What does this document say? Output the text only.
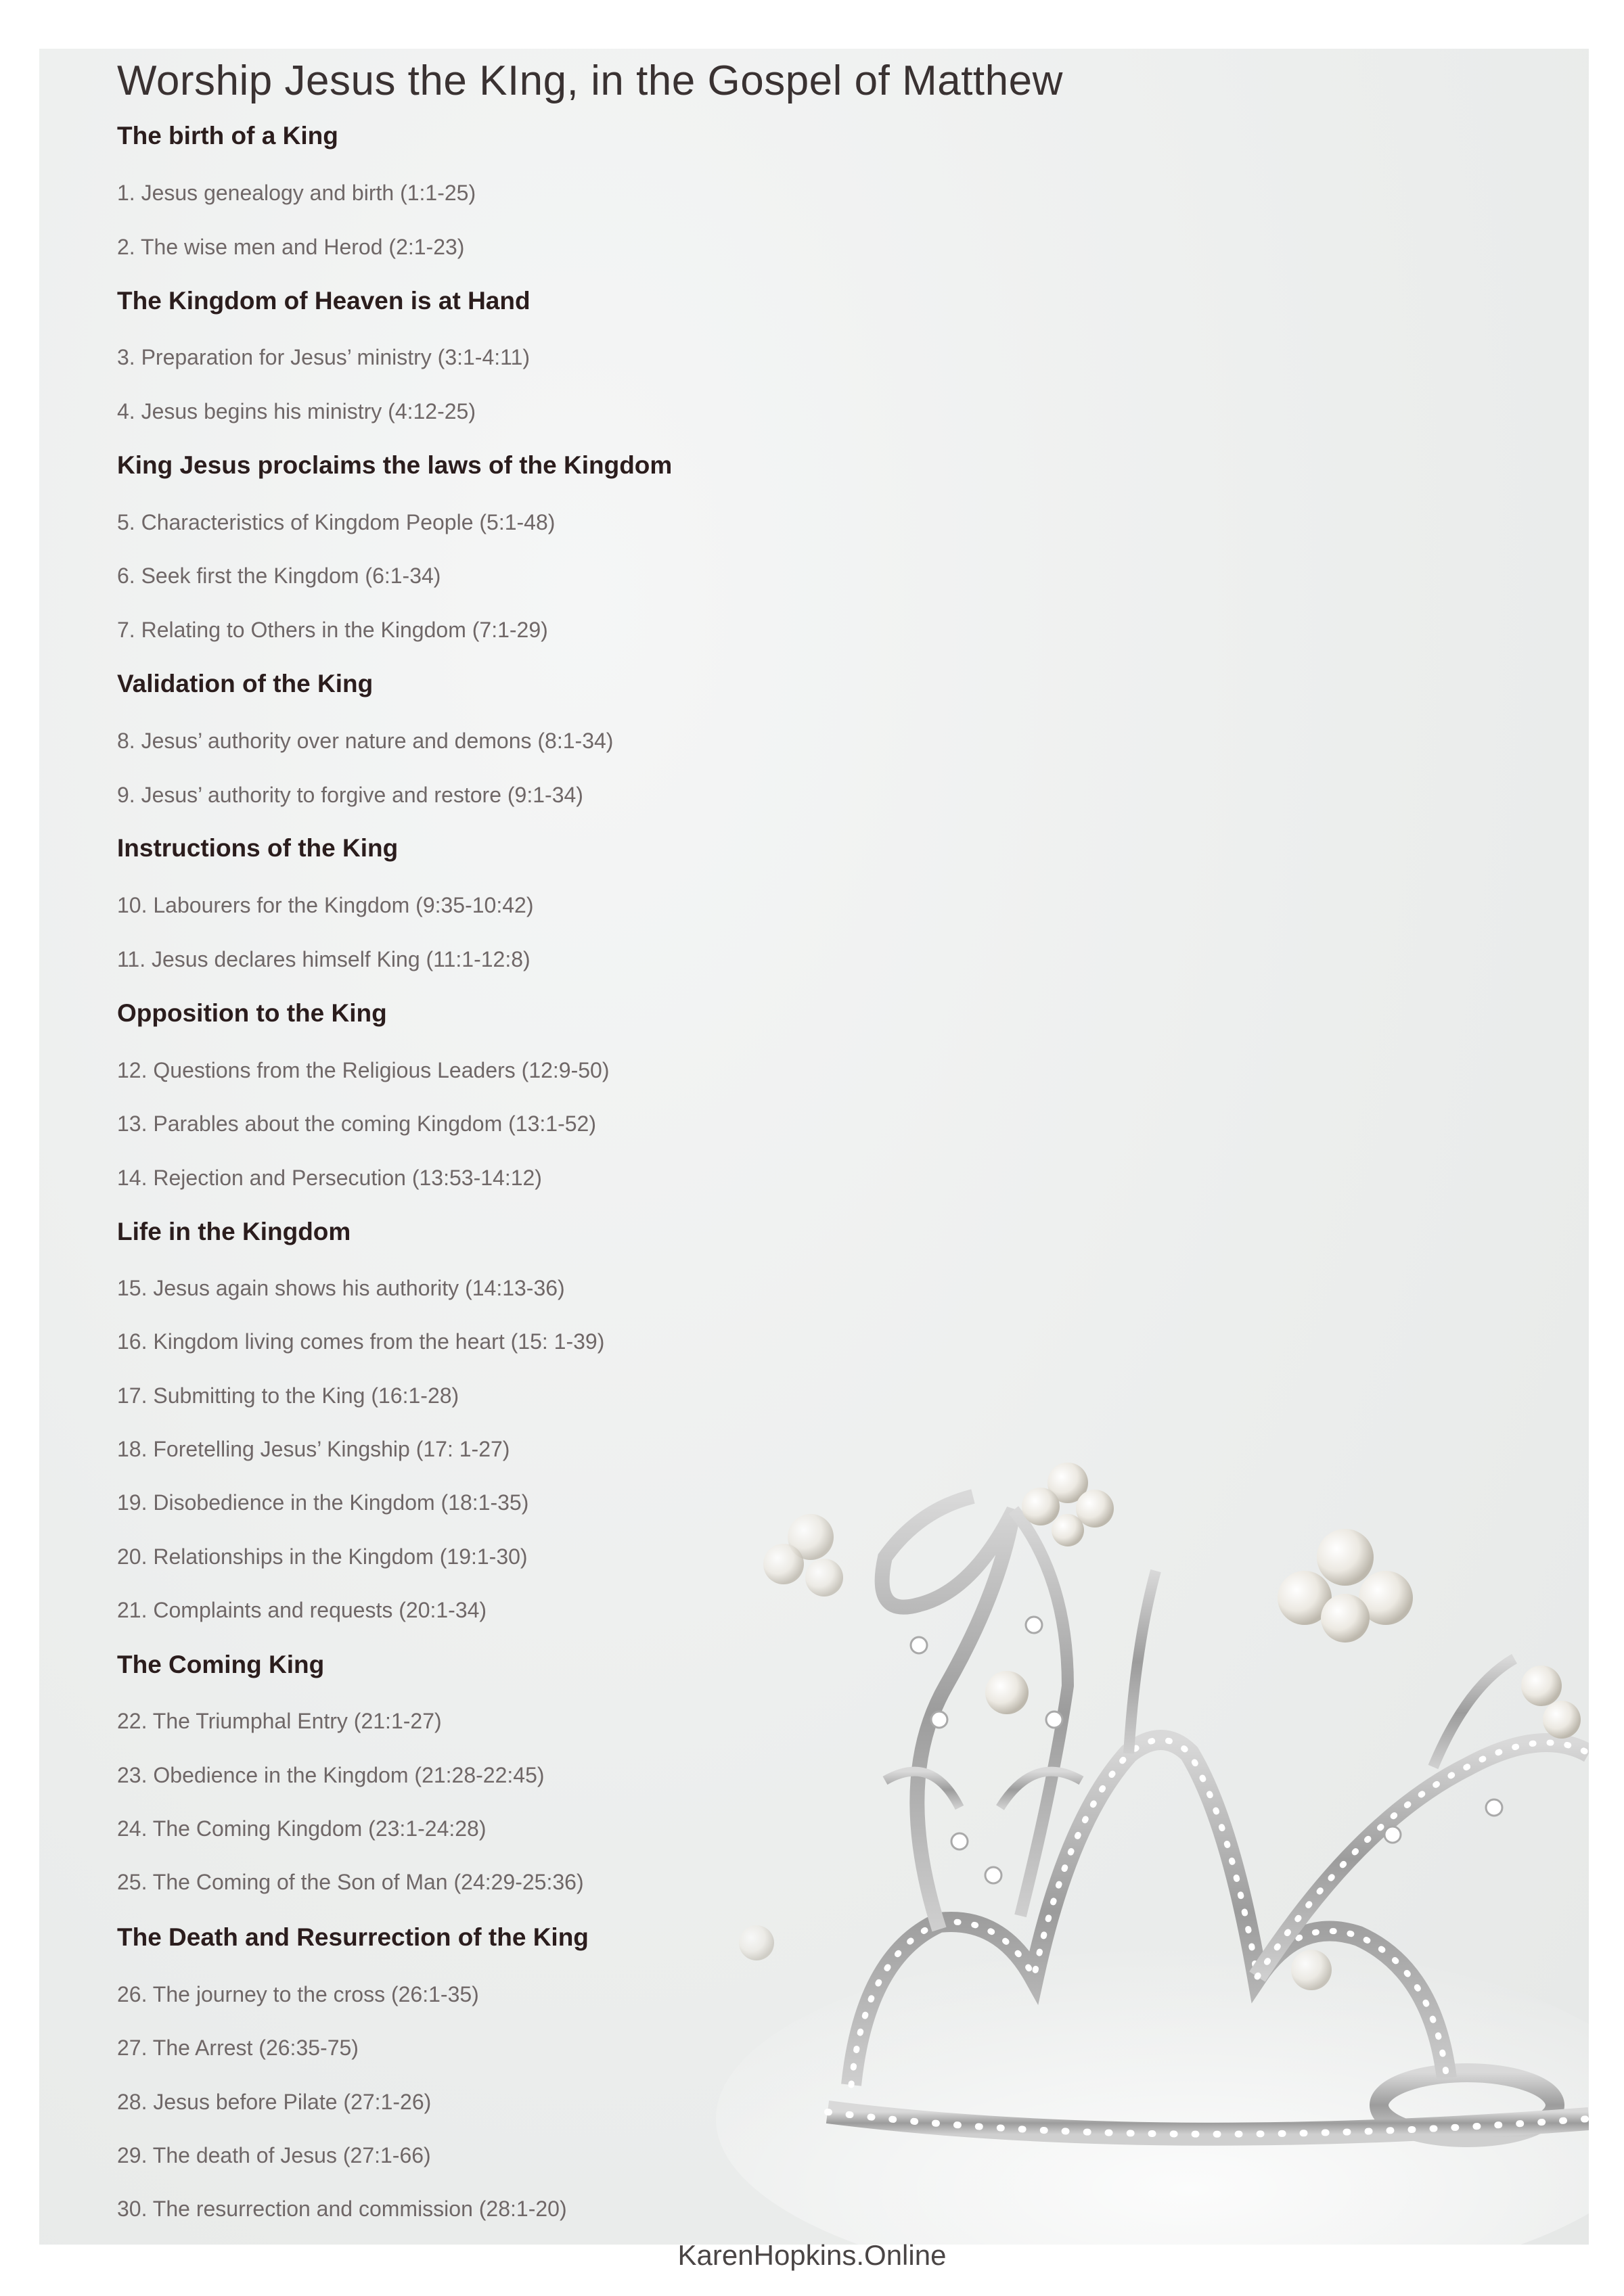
Worship Jesus the KIng, in the Gospel of Matthew
The birth of a King

1. Jesus genealogy and birth (1:1-25)

2. The wise men and Herod (2:1-23)

The Kingdom of Heaven is at Hand

3. Preparation for Jesus’ ministry (3:1-4:11)

4. Jesus begins his ministry (4:12-25)

King Jesus proclaims the laws of the Kingdom

5. Characteristics of Kingdom People (5:1-48)

6. Seek first the Kingdom (6:1-34)

7. Relating to Others in the Kingdom (7:1-29)

Validation of the King

8. Jesus’ authority over nature and demons (8:1-34)

9. Jesus’ authority to forgive and restore (9:1-34)

Instructions of the King

10. Labourers for the Kingdom (9:35-10:42)

11. Jesus declares himself King (11:1-12:8)

Opposition to the King

12. Questions from the Religious Leaders (12:9-50)

13. Parables about the coming Kingdom (13:1-52)

14. Rejection and Persecution (13:53-14:12)

Life in the Kingdom

15. Jesus again shows his authority (14:13-36)

16. Kingdom living comes from the heart (15: 1-39)

17. Submitting to the King (16:1-28)

18. Foretelling Jesus’ Kingship (17: 1-27)

19. Disobedience in the Kingdom (18:1-35)

20. Relationships in the Kingdom (19:1-30)

21. Complaints and requests (20:1-34)

The Coming King

22. The Triumphal Entry (21:1-27)

23. Obedience in the Kingdom (21:28-22:45)

24. The Coming Kingdom (23:1-24:28)

25. The Coming of the Son of Man (24:29-25:36)

The Death and Resurrection of the King

26. The journey to the cross (26:1-35)

27. The Arrest (26:35-75)

28. Jesus before Pilate (27:1-26)

29. The death of Jesus (27:1-66)

30. The resurrection and commission (28:1-20)

KarenHopkins.Online
